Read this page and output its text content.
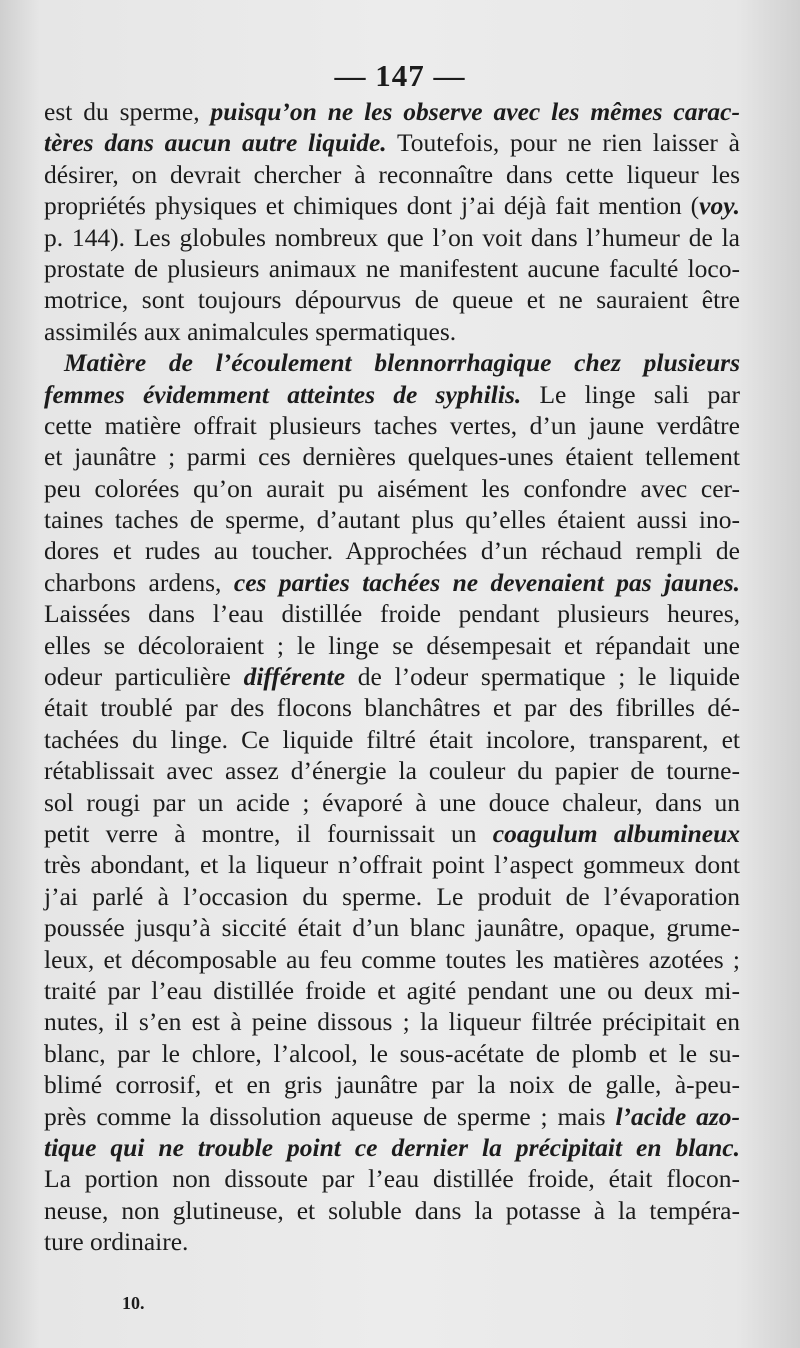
— 147 —
est du sperme, puisqu’on ne les observe avec les mêmes carac-
tères dans aucun autre liquide. Toutefois, pour ne rien laisser à
désirer, on devrait chercher à reconnaître dans cette liqueur les
propriétés physiques et chimiques dont j’ai déjà fait mention (voy.
p. 144). Les globules nombreux que l’on voit dans l’humeur de la
prostate de plusieurs animaux ne manifestent aucune faculté loco-
motrice, sont toujours dépourvus de queue et ne sauraient être
assimilés aux animalcules spermatiques.
Matière de l’écoulement blennorrhagique chez plusieurs
femmes évidemment atteintes de syphilis. Le linge sali par
cette matière offrait plusieurs taches vertes, d’un jaune verdâtre
et jaunâtre ; parmi ces dernières quelques-unes étaient tellement
peu colorées qu’on aurait pu aisément les confondre avec cer-
taines taches de sperme, d’autant plus qu’elles étaient aussi ino-
dores et rudes au toucher. Approchées d’un réchaud rempli de
charbons ardens, ces parties tachées ne devenaient pas jaunes.
Laissées dans l’eau distillée froide pendant plusieurs heures,
elles se décoloraient ; le linge se désempesait et répandait une
odeur particulière différente de l’odeur spermatique ; le liquide
était troublé par des flocons blanchâtres et par des fibrilles dé-
tachées du linge. Ce liquide filtré était incolore, transparent, et
rétablissait avec assez d’énergie la couleur du papier de tourne-
sol rougi par un acide ; évaporé à une douce chaleur, dans un
petit verre à montre, il fournissait un coagulum albumineux
très abondant, et la liqueur n’offrait point l’aspect gommeux dont
j’ai parlé à l’occasion du sperme. Le produit de l’évaporation
poussée jusqu’à siccité était d’un blanc jaunâtre, opaque, grume-
leux, et décomposable au feu comme toutes les matières azotées ;
traité par l’eau distillée froide et agité pendant une ou deux mi-
nutes, il s’en est à peine dissous ; la liqueur filtrée précipitait en
blanc, par le chlore, l’alcool, le sous-acétate de plomb et le su-
blimé corrosif, et en gris jaunâtre par la noix de galle, à-peu-
près comme la dissolution aqueuse de sperme ; mais l’acide azo-
tique qui ne trouble point ce dernier la précipitait en blanc.
La portion non dissoute par l’eau distillée froide, était flocon-
neuse, non glutineuse, et soluble dans la potasse à la tempéra-
ture ordinaire.
10.
